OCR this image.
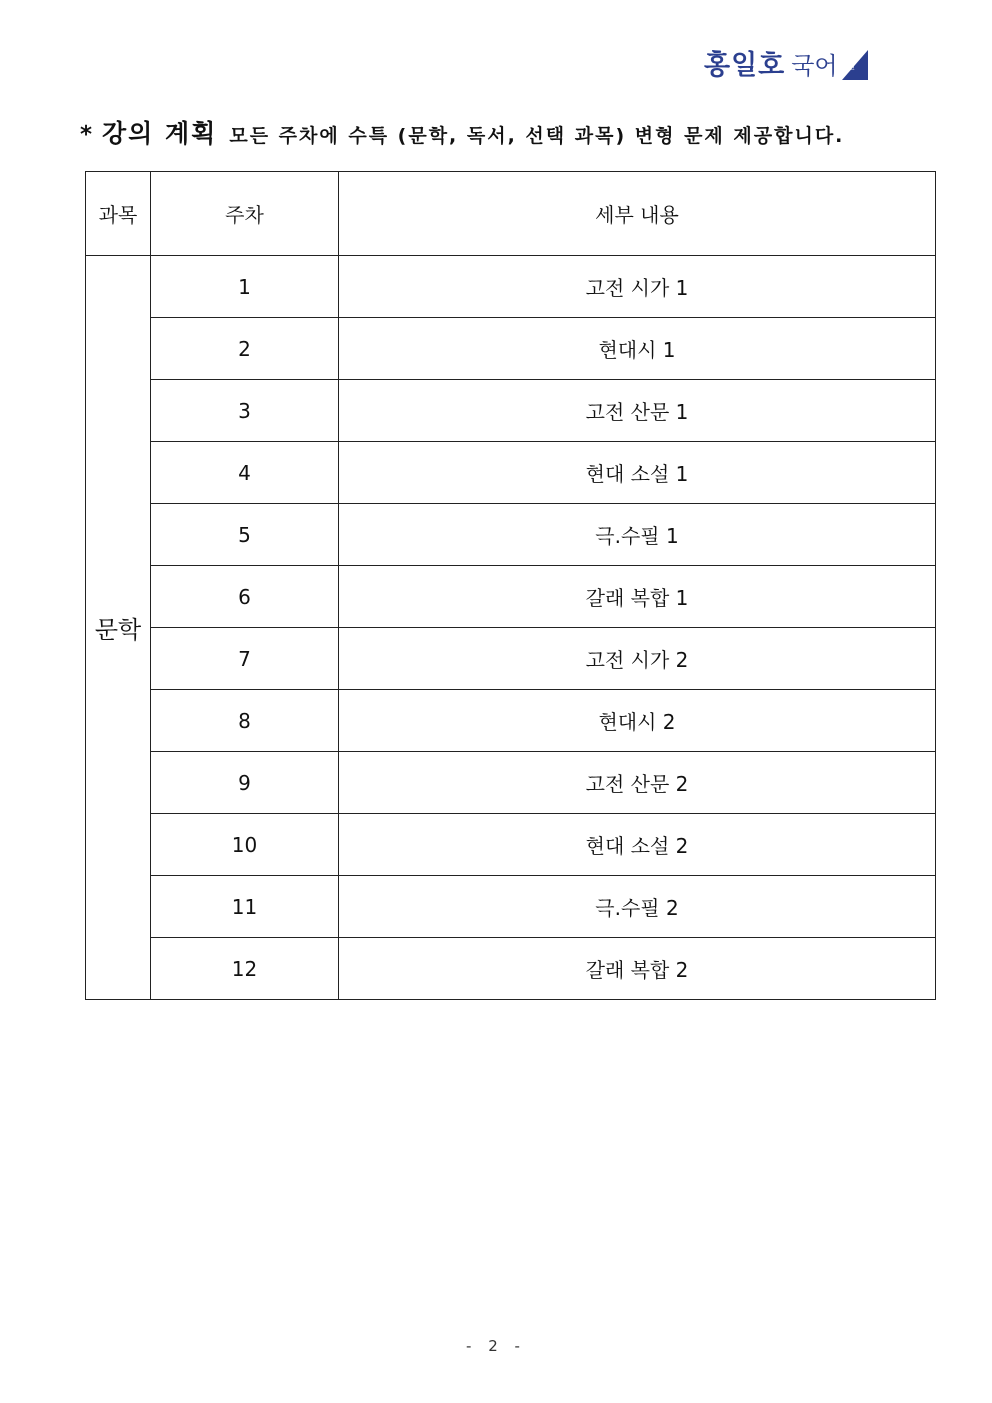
홍일호 국어 학원
* 강의 계획 모든 주차에 수특 (문학, 독서, 선택 과목) 변형 문제 제공합니다.
과목	주차	세부 내용
문학	1	고전 시가 1
	2	현대시 1
	3	고전 산문 1
	4	현대 소설 1
	5	극.수필 1
	6	갈래 복합 1
	7	고전 시가 2
	8	현대시 2
	9	고전 산문 2
	10	현대 소설 2
	11	극.수필 2
	12	갈래 복합 2
- 2 -
